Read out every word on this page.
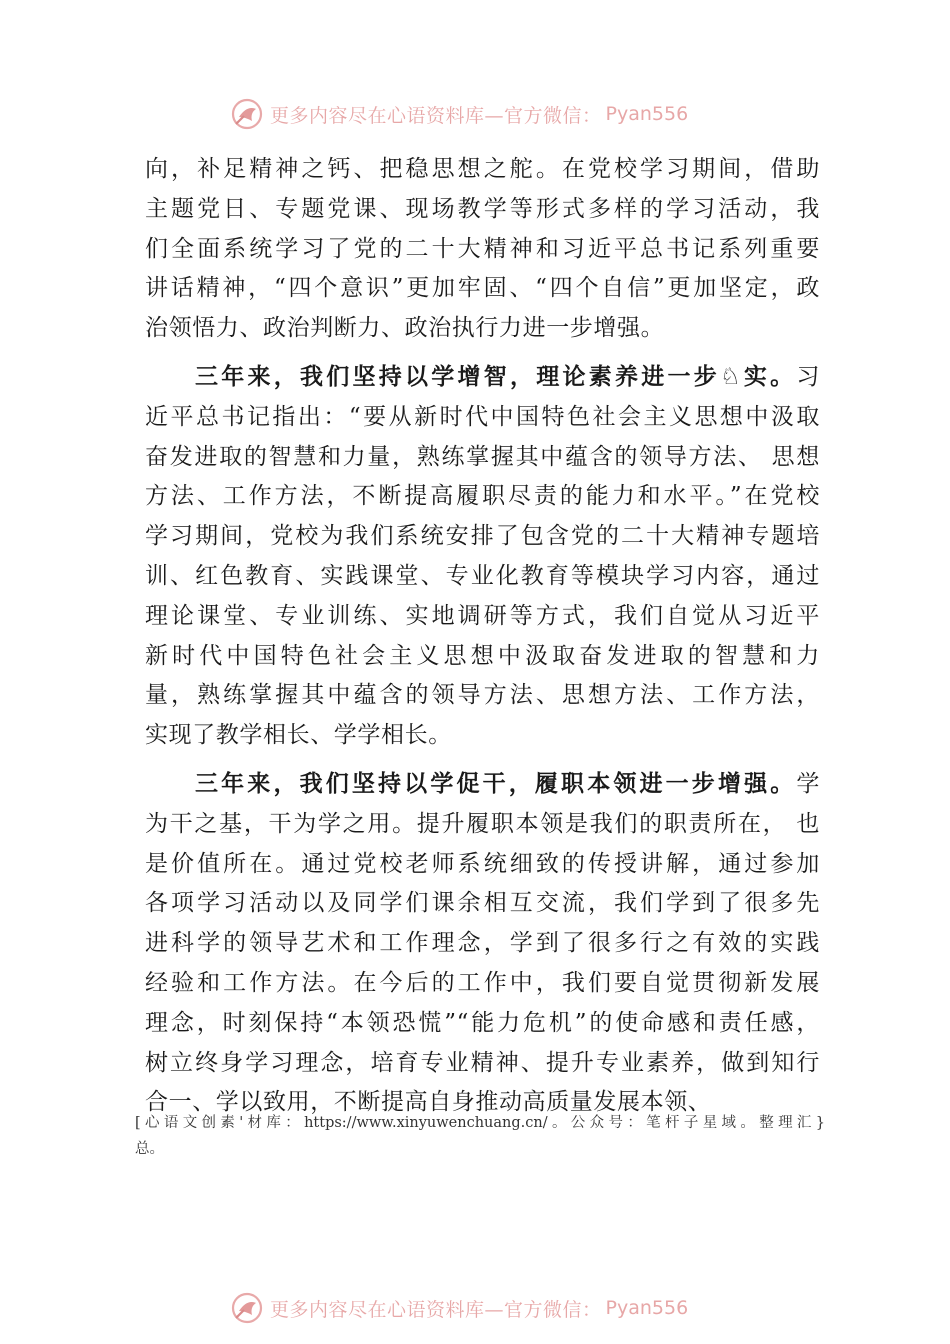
更多内容尽在心语资料库—官方微信： Pyan556
向，补足精神之钙、把稳思想之舵。在党校学习期间，借助
主题党日、专题党课、现场教学等形式多样的学习活动，我
们全面系统学习了党的二十大精神和习近平总书记系列重要
讲话精神，“四个意识”更加牢固、“四个自信”更加坚定，政
治领悟力、政治判断力、政治执行力进一步增强。
三年来，我们坚持以学增智，理论素养进一步♘实。习
近平总书记指出：“要从新时代中国特色社会主义思想中汲取
奋发进取的智慧和力量，熟练掌握其中蕴含的领导方法、 思想
方法、工作方法，不断提高履职尽责的能力和水平。”在党校
学习期间，党校为我们系统安排了包含党的二十大精神专题培
训、红色教育、实践课堂、专业化教育等模块学习内容，通过
理论课堂、专业训练、实地调研等方式，我们自觉从习近平
新时代中国特色社会主义思想中汲取奋发进取的智慧和力
量，熟练掌握其中蕴含的领导方法、思想方法、工作方法，
实现了教学相长、学学相长。
三年来，我们坚持以学促干，履职本领进一步增强。学
为干之基，干为学之用。提升履职本领是我们的职责所在， 也
是价值所在。通过党校老师系统细致的传授讲解，通过参加
各项学习活动以及同学们课余相互交流，我们学到了很多先
进科学的领导艺术和工作理念，学到了很多行之有效的实践
经验和工作方法。在今后的工作中，我们要自觉贯彻新发展
理念，时刻保持“本领恐慌”“能力危机”的使命感和责任感，
树立终身学习理念，培育专业精神、提升专业素养，做到知行
合一、学以致用，不断提高自身推动高质量发展本领、
[心语文创素'材库：https://www.xinyuwenchuang.cn/。公众号：笔杆子星域。整理汇}
总。
更多内容尽在心语资料库—官方微信： Pyan556
